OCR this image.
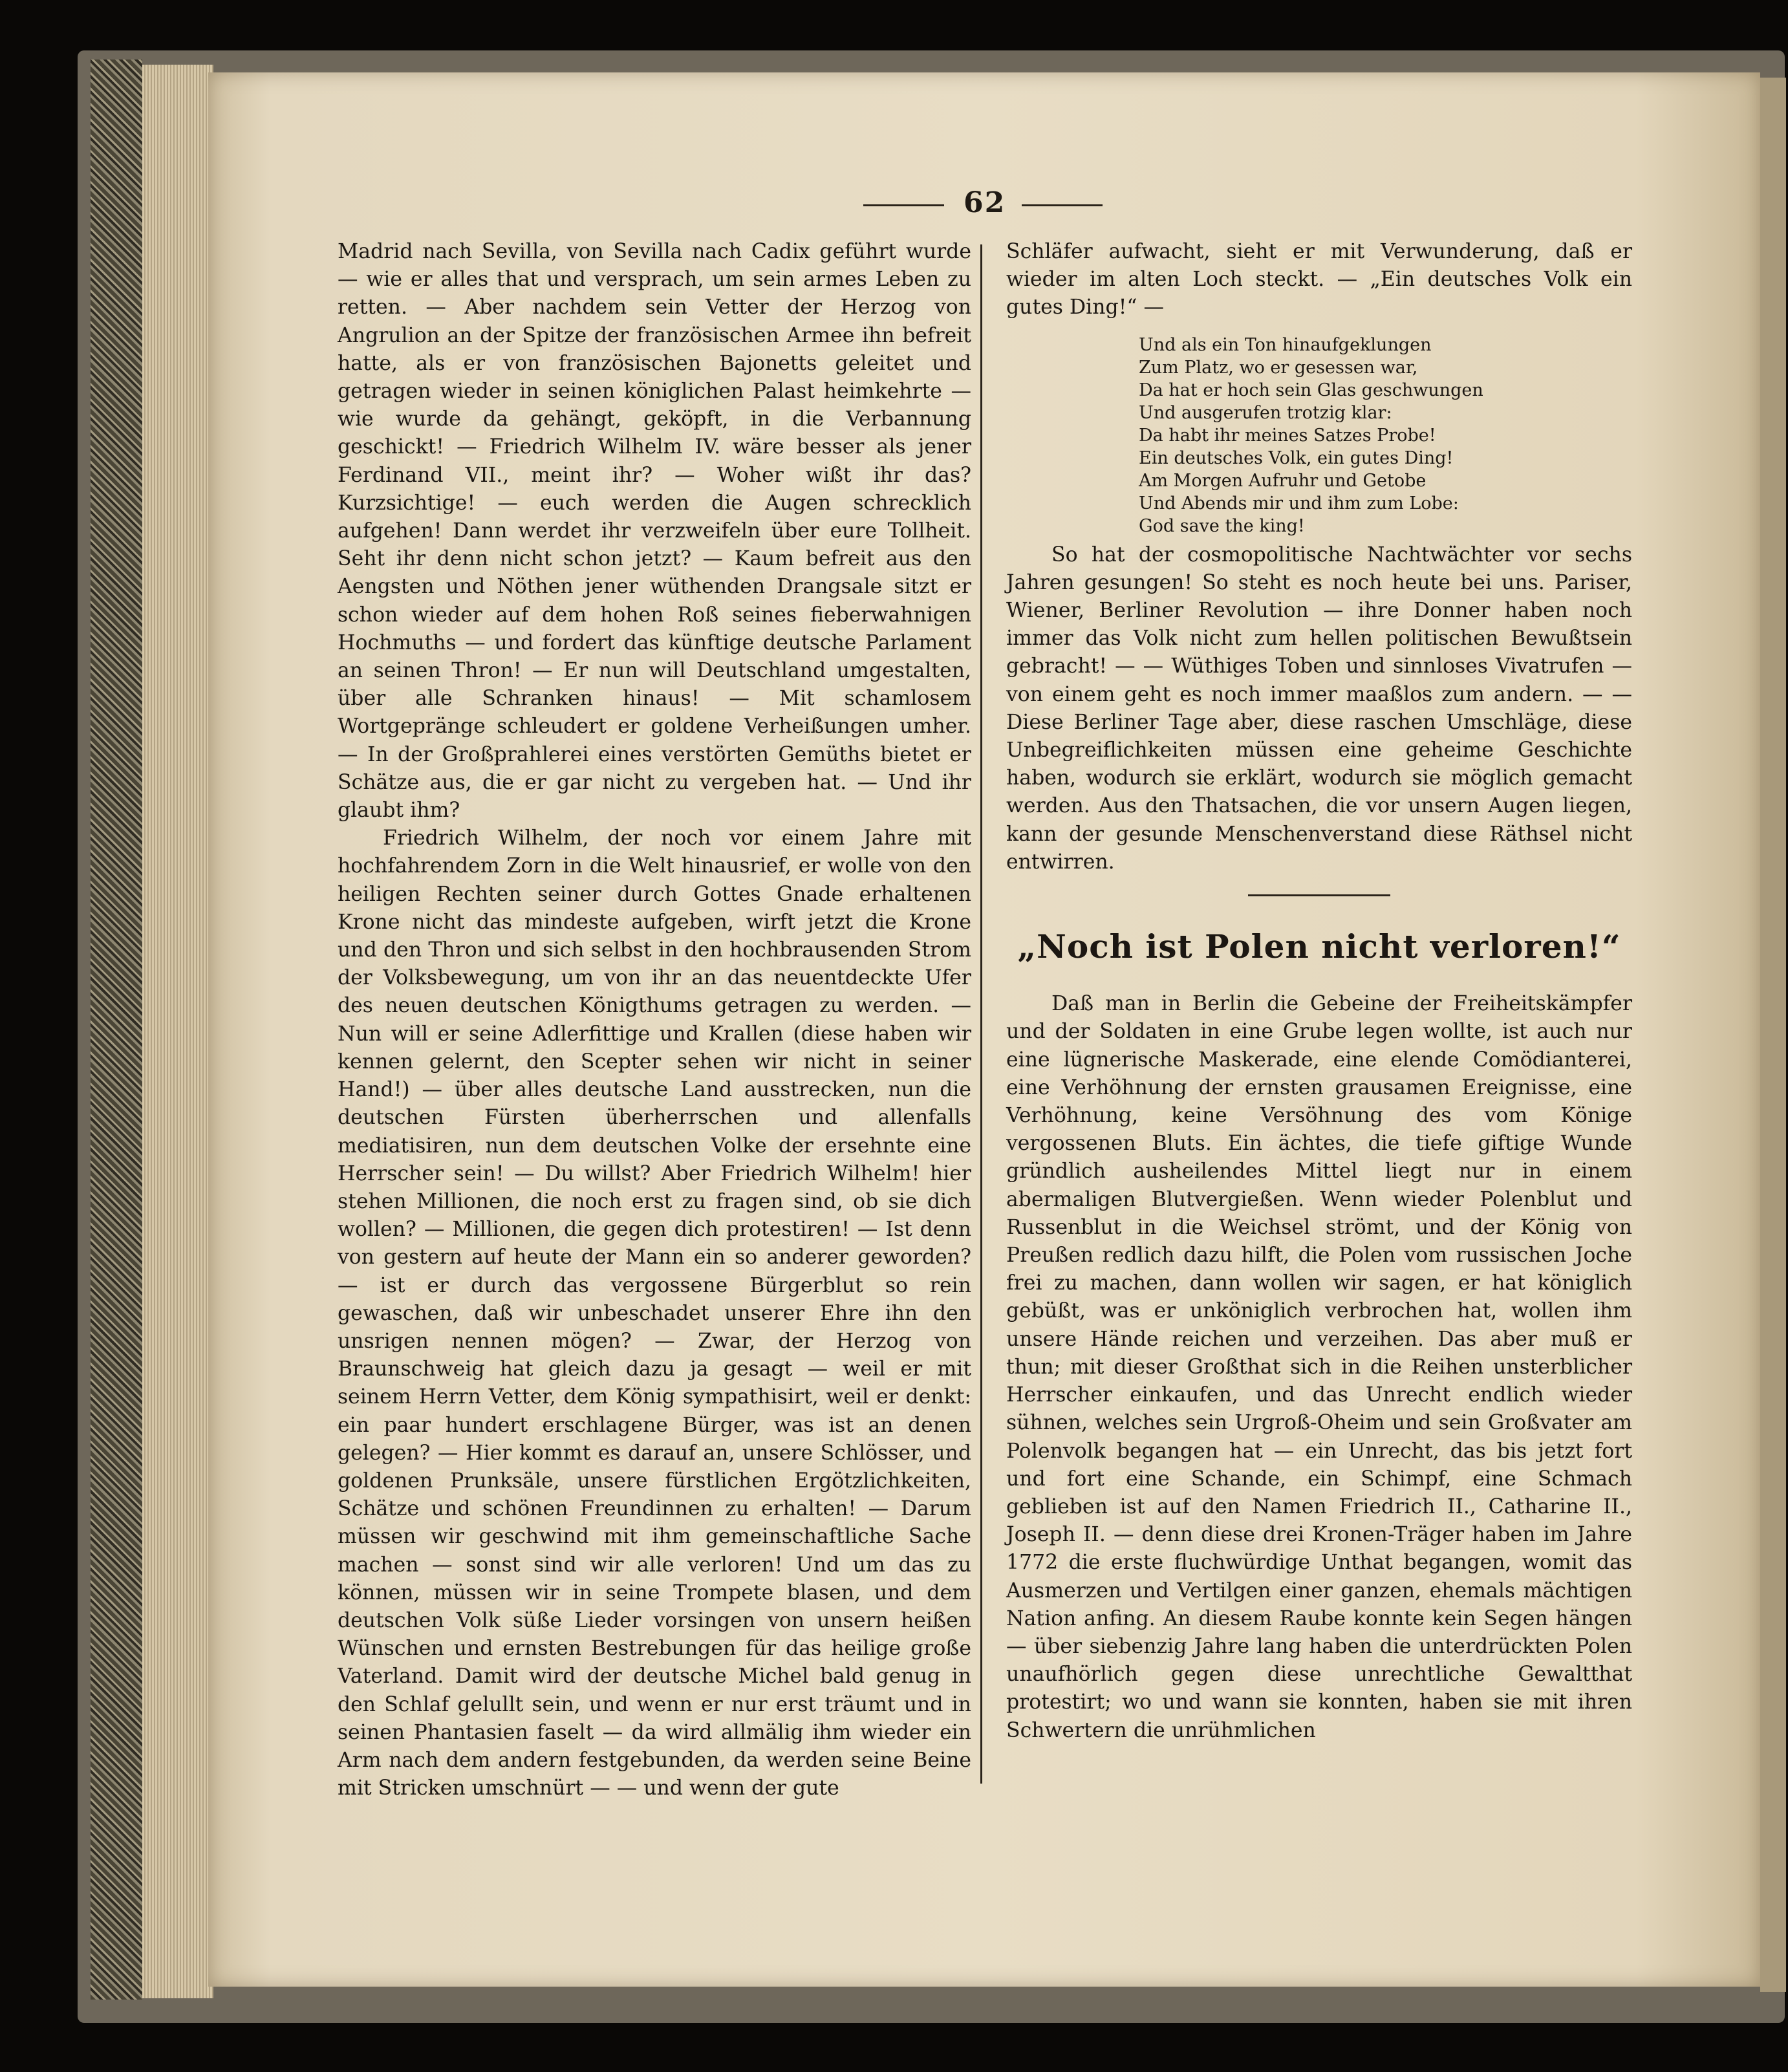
62

Madrid nach Sevilla, von Sevilla nach Cadix geführt wurde — wie er alles that und versprach, um sein armes Leben zu retten. — Aber nachdem sein Vetter der Herzog von Angrulion an der Spitze der französischen Armee ihn befreit hatte, als er von französischen Bajonetts geleitet und getragen wieder in seinen königlichen Palast heimkehrte — wie wurde da gehängt, geköpft, in die Verbannung geschickt! — Friedrich Wilhelm IV. wäre besser als jener Ferdinand VII., meint ihr? — Woher wißt ihr das? Kurzsichtige! — euch werden die Augen schrecklich aufgehen! Dann werdet ihr verzweifeln über eure Tollheit. Seht ihr denn nicht schon jetzt? — Kaum befreit aus den Aengsten und Nöthen jener wüthenden Drangsale sitzt er schon wieder auf dem hohen Roß seines fieberwahnigen Hochmuths — und fordert das künftige deutsche Parlament an seinen Thron! — Er nun will Deutschland umgestalten, über alle Schranken hinaus! — Mit schamlosem Wortgepränge schleudert er goldene Verheißungen umher. — In der Großprahlerei eines verstörten Gemüths bietet er Schätze aus, die er gar nicht zu vergeben hat. — Und ihr glaubt ihm?

Friedrich Wilhelm, der noch vor einem Jahre mit hochfahrendem Zorn in die Welt hinausrief, er wolle von den heiligen Rechten seiner durch Gottes Gnade erhaltenen Krone nicht das mindeste aufgeben, wirft jetzt die Krone und den Thron und sich selbst in den hochbrausenden Strom der Volksbewegung, um von ihr an das neuentdeckte Ufer des neuen deutschen Königthums getragen zu werden. — Nun will er seine Adlerfittige und Krallen (diese haben wir kennen gelernt, den Scepter sehen wir nicht in seiner Hand!) — über alles deutsche Land ausstrecken, nun die deutschen Fürsten überherrschen und allenfalls mediatisiren, nun dem deutschen Volke der ersehnte eine Herrscher sein! — Du willst? Aber Friedrich Wilhelm! hier stehen Millionen, die noch erst zu fragen sind, ob sie dich wollen? — Millionen, die gegen dich protestiren! — Ist denn von gestern auf heute der Mann ein so anderer geworden? — ist er durch das vergossene Bürgerblut so rein gewaschen, daß wir unbeschadet unserer Ehre ihn den unsrigen nennen mögen? — Zwar, der Herzog von Braunschweig hat gleich dazu ja gesagt — weil er mit seinem Herrn Vetter, dem König sympathisirt, weil er denkt: ein paar hundert erschlagene Bürger, was ist an denen gelegen? — Hier kommt es darauf an, unsere Schlösser, und goldenen Prunksäle, unsere fürstlichen Ergötzlichkeiten, Schätze und schönen Freundinnen zu erhalten! — Darum müssen wir geschwind mit ihm gemeinschaftliche Sache machen — sonst sind wir alle verloren! Und um das zu können, müssen wir in seine Trompete blasen, und dem deutschen Volk süße Lieder vorsingen von unsern heißen Wünschen und ernsten Bestrebungen für das heilige große Vaterland. Damit wird der deutsche Michel bald genug in den Schlaf gelullt sein, und wenn er nur erst träumt und in seinen Phantasien faselt — da wird allmälig ihm wieder ein Arm nach dem andern festgebunden, da werden seine Beine mit Stricken umschnürt — — und wenn der gute

Schläfer aufwacht, sieht er mit Verwunderung, daß er wieder im alten Loch steckt. — „Ein deutsches Volk ein gutes Ding!“ —

Und als ein Ton hinaufgeklungen
Zum Platz, wo er gesessen war,
Da hat er hoch sein Glas geschwungen
Und ausgerufen trotzig klar:
Da habt ihr meines Satzes Probe!
Ein deutsches Volk, ein gutes Ding!
Am Morgen Aufruhr und Getobe
Und Abends mir und ihm zum Lobe:
God save the king!

So hat der cosmopolitische Nachtwächter vor sechs Jahren gesungen! So steht es noch heute bei uns. Pariser, Wiener, Berliner Revolution — ihre Donner haben noch immer das Volk nicht zum hellen politischen Bewußtsein gebracht! — — Wüthiges Toben und sinnloses Vivatrufen — von einem geht es noch immer maaßlos zum andern. — — Diese Berliner Tage aber, diese raschen Umschläge, diese Unbegreiflichkeiten müssen eine geheime Geschichte haben, wodurch sie erklärt, wodurch sie möglich gemacht werden. Aus den Thatsachen, die vor unsern Augen liegen, kann der gesunde Menschenverstand diese Räthsel nicht entwirren.

„Noch ist Polen nicht verloren!“

Daß man in Berlin die Gebeine der Freiheitskämpfer und der Soldaten in eine Grube legen wollte, ist auch nur eine lügnerische Maskerade, eine elende Comödianterei, eine Verhöhnung der ernsten grausamen Ereignisse, eine Verhöhnung, keine Versöhnung des vom Könige vergossenen Bluts. Ein ächtes, die tiefe giftige Wunde gründlich ausheilendes Mittel liegt nur in einem abermaligen Blutvergießen. Wenn wieder Polenblut und Russenblut in die Weichsel strömt, und der König von Preußen redlich dazu hilft, die Polen vom russischen Joche frei zu machen, dann wollen wir sagen, er hat königlich gebüßt, was er unköniglich verbrochen hat, wollen ihm unsere Hände reichen und verzeihen. Das aber muß er thun; mit dieser Großthat sich in die Reihen unsterblicher Herrscher einkaufen, und das Unrecht endlich wieder sühnen, welches sein Urgroß-Oheim und sein Großvater am Polenvolk begangen hat — ein Unrecht, das bis jetzt fort und fort eine Schande, ein Schimpf, eine Schmach geblieben ist auf den Namen Friedrich II., Catharine II., Joseph II. — denn diese drei Kronen-Träger haben im Jahre 1772 die erste fluchwürdige Unthat begangen, womit das Ausmerzen und Vertilgen einer ganzen, ehemals mächtigen Nation anfing. An diesem Raube konnte kein Segen hängen — über siebenzig Jahre lang haben die unterdrückten Polen unaufhörlich gegen diese unrechtliche Gewaltthat protestirt; wo und wann sie konnten, haben sie mit ihren Schwertern die unrühmlichen
